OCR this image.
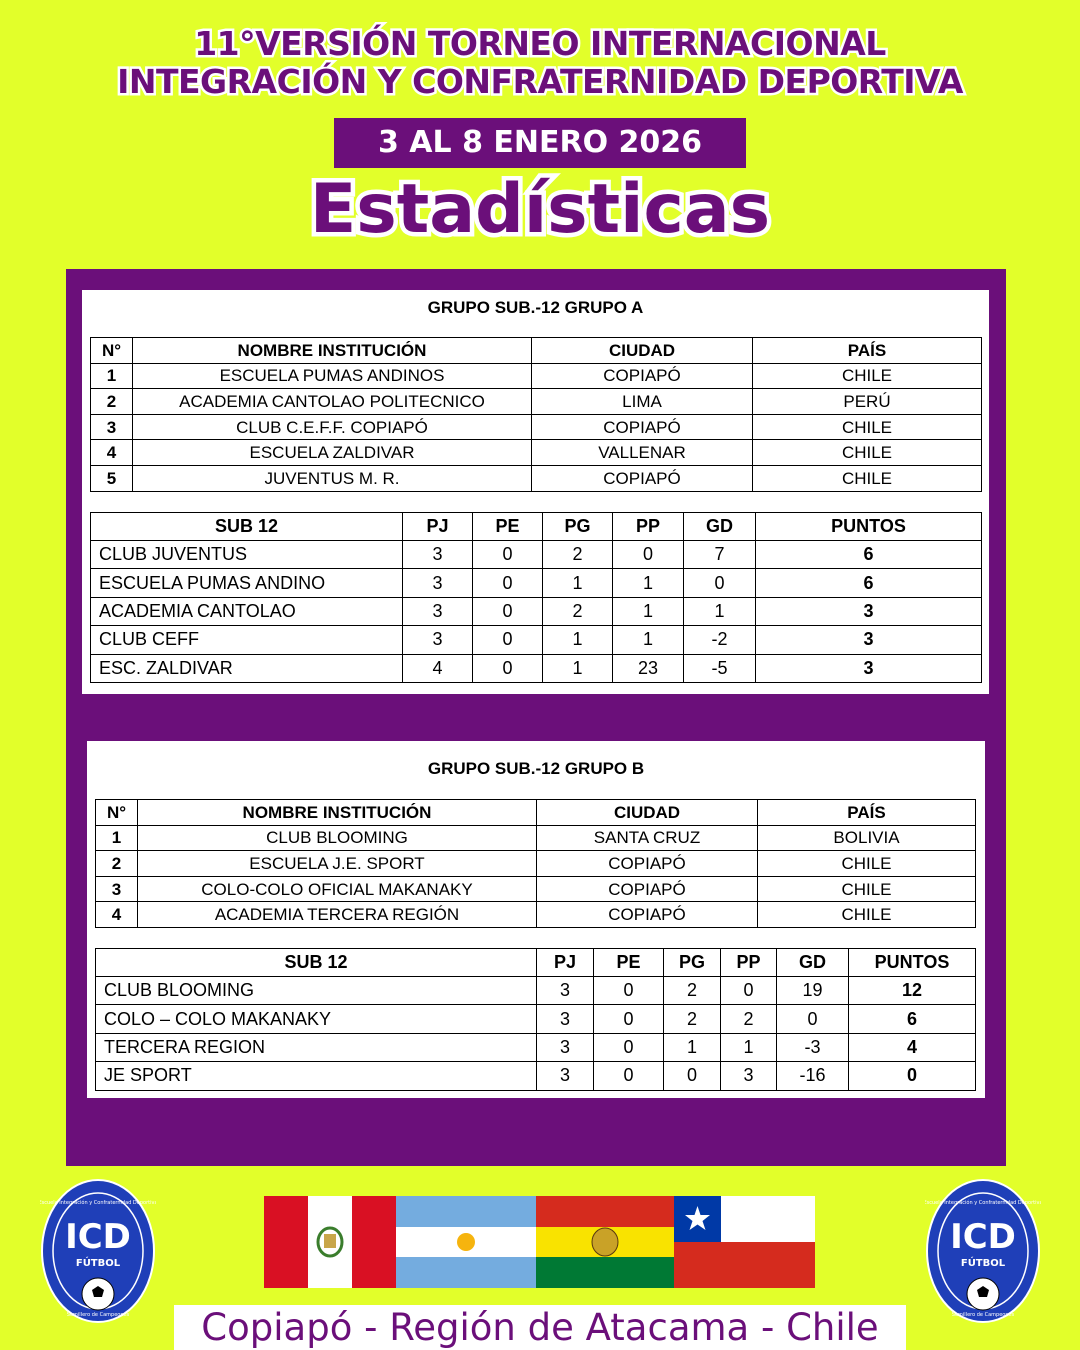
11°VERSIÓN TORNEO INTERNACIONAL
INTEGRACIÓN Y CONFRATERNIDAD DEPORTIVA
3 AL 8 ENERO 2026
Estadísticas
GRUPO SUB.-12 GRUPO A
N°	NOMBRE INSTITUCIÓN	CIUDAD	PAÍS
1	ESCUELA PUMAS ANDINOS	COPIAPÓ	CHILE
2	ACADEMIA CANTOLAO POLITECNICO	LIMA	PERÚ
3	CLUB C.E.F.F. COPIAPÓ	COPIAPÓ	CHILE
4	ESCUELA ZALDIVAR	VALLENAR	CHILE
5	JUVENTUS M. R.	COPIAPÓ	CHILE
SUB 12	PJ	PE	PG	PP	GD	PUNTOS
CLUB JUVENTUS	3	0	2	0	7	6
ESCUELA PUMAS ANDINO	3	0	1	1	0	6
ACADEMIA CANTOLAO	3	0	2	1	1	3
CLUB CEFF	3	0	1	1	-2	3
ESC. ZALDIVAR	4	0	1	23	-5	3
GRUPO SUB.-12 GRUPO B
N°	NOMBRE INSTITUCIÓN	CIUDAD	PAÍS
1	CLUB BLOOMING	SANTA CRUZ	BOLIVIA
2	ESCUELA J.E. SPORT	COPIAPÓ	CHILE
3	COLO-COLO OFICIAL MAKANAKY	COPIAPÓ	CHILE
4	ACADEMIA TERCERA REGIÓN	COPIAPÓ	CHILE
SUB 12	PJ	PE	PG	PP	GD	PUNTOS
CLUB BLOOMING	3	0	2	0	19	12
COLO – COLO MAKANAKY	3	0	2	2	0	6
TERCERA REGION	3	0	1	1	-3	4
JE SPORT	3	0	0	3	-16	0
ICD
FÚTBOL
Escuela Integración y Confraternidad Deportiva
Semillero de Campeones
ICD
FÚTBOL
Escuela Integración y Confraternidad Deportiva
Semillero de Campeones
Copiapó - Región de Atacama - Chile
